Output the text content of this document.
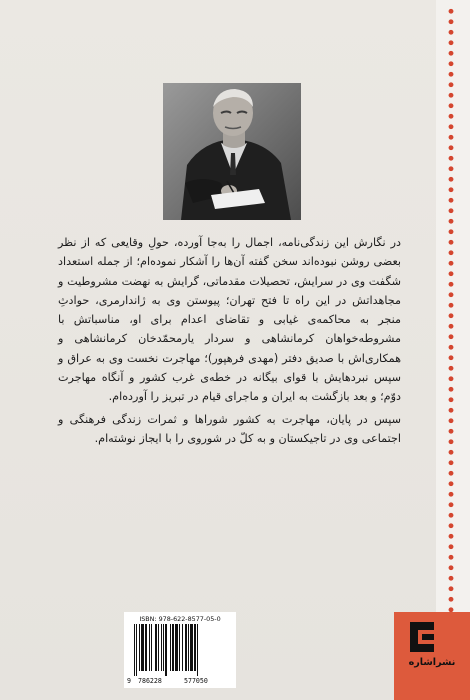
در نگارش این زندگی‌نامه، اجمال را به‌جا آورده، حولِ وقایعی که از نظر بعضی روشن نبوده‌اند سخن گفته آن‌ها را آشکار نموده‌ام؛ از جمله استعداد شگفت وی در سرایش، تحصیلات مقدماتی، گرایش به نهضت مشروطیت و مجاهداتش در این راه تا فتح تهران؛ پیوستن وی به ژاندارمری، حوادثِ منجر به محاکمه‌ی غیابی و تقاضای اعدام برای او، مناسباتش با مشروطه‌خواهان کرمانشاهی و سردار یارمحمّدخان کرمانشاهی و همکاری‌اش با صدیق دفتر (مهدی فرهپور)؛ مهاجرت نخست وی به عراق و سپس نبردهایش با قوای بیگانه در خطه‌ی غرب کشور و آنگاه مهاجرت دوّم؛ و بعد بازگشت به ایران و ماجرای قیام در تبریز را آورده‌ام.

سپس در پایان، مهاجرت به کشور شوراها و ثمرات زندگی فرهنگی و اجتماعی وی در تاجیکستان و به کلّ در شوروی را با ایجاز نوشته‌ام.

ISBN: 978-622-8577-05-0
9 786228	577050
نشراشاره
